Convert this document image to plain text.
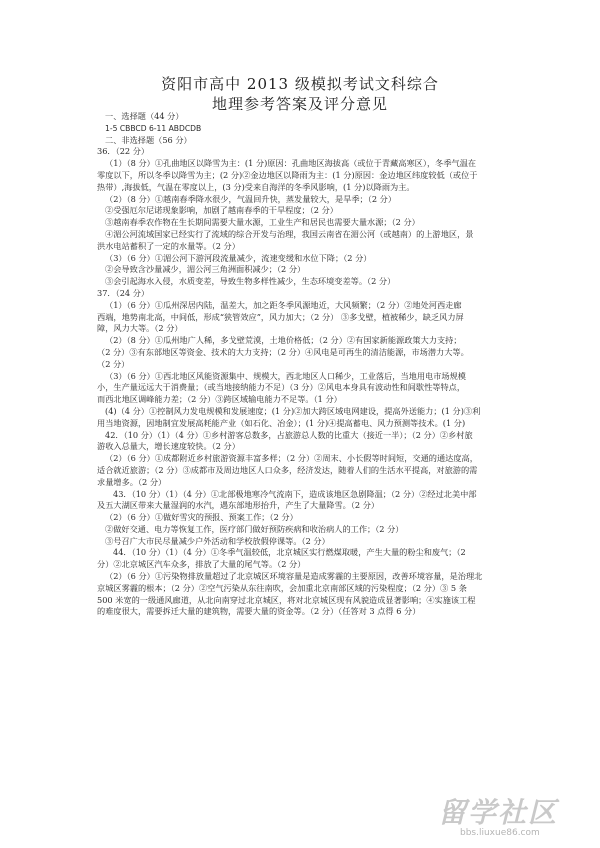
资阳市高中 2013 级模拟考试文科综合
地理参考答案及评分意见
一、选择题（44 分）
1-5 CBBCD 6-11 ABDCDB
二、非选择题（56 分）
36．（22 分）
（1）（8 分）①孔曲地区以降雪为主：(1 分)原因：孔曲地区海拔高（或位于青藏高寒区），冬季气温在
零度以下，所以冬季以降雪为主；(2 分)②金边地区以降雨为主：(1 分)原因：金边地区纬度较低（或位于
热带）,海拔低，气温在零度以上，(3 分)受来自海洋的冬季风影响，(1 分)以降雨为主。
（2）（8 分）①越南春季降水很少，气温回升快，蒸发量较大，是旱季；（2 分）
②受强厄尔尼诺现象影响，加剧了越南春季的干旱程度；（2 分）
③越南春季农作物在生长期间需要大量水源，工业生产和居民也需要大量水源；（2 分）
④湄公河流域国家已经实行了流域的综合开发与治理，我国云南省在湄公河（或越南）的上游地区，景
洪水电站蓄积了一定的水量等。（2 分）
（3）（6 分）①湄公河下游河段流量减少，流速变缓和水位下降；（2 分）
②会导致含沙量减少，湄公河三角洲面积减少；（2 分）
③会引起海水入侵，水质变差，导致生物多样性减少，生态环境变差等。（2 分）
37．（24 分）
（1）（6 分）①瓜州深居内陆，温差大，加之距冬季风源地近，大风频繁；（2 分）②地处河西走廊
西端，地势南北高，中间低，形成“狭管效应”，风力加大；（2 分） ③多戈壁，植被稀少，缺乏风力屏
障，风力大等。（2 分）
（2）（8 分）①瓜州地广人稀，多戈壁荒漠，土地价格低；（2 分）②有国家新能源政策大力支持；
（2 分）③有东部地区等资金、技术的大力支持；（2 分）④风电是可再生的清洁能源，市场潜力大等。
（2 分）
（3）（6 分）①西北地区风能资源集中、规模大，西北地区人口稀少，工业落后，当地用电市场规模
小，生产量远远大于消费量；（或当地接纳能力不足）（3 分）②风电本身具有波动性和间歇性等特点，
而西北地区调峰能力差；（2 分）③跨区域输电能力不足等。（1 分）
(4)（4 分）①控制风力发电规模和发展速度；(1 分)②加大跨区域电网建设，提高外送能力；(1 分)③利
用当地资源，因地制宜发展高耗能产业（如石化、冶金）；(1 分)④提高蓄电、风力预测等技术。(1 分)
42．（10 分）（1）（4 分）①乡村游客总数多，占旅游总人数的比重大（接近一半）；（2 分）②乡村旅
游收入总量大，增长速度较快。（2 分）
（2）（6 分）①成都附近乡村旅游资源丰富多样；（2 分）②周末、小长假等时间短，交通的通达度高，
适合就近旅游；（2 分）③成都市及周边地区人口众多，经济发达，随着人们的生活水平提高，对旅游的需
求量增多。（2 分）
43．（10 分）（1）（4 分）①北部极地寒冷气流南下，造成该地区急剧降温；（2 分）②经过北美中部
及五大湖区带来大量湿润的水汽，遇东部地形抬升，产生了大量降雪。（2 分）
（2）（6 分）①做好雪灾的预报、预案工作；（2 分）
②做好交通、电力等恢复工作，医疗部门做好预防疾病和收治病人的工作；（2 分）
③号召广大市民尽量减少户外活动和学校放假停课等。（2 分）
44．（10 分）（1）（4 分）①冬季气温较低，北京城区实行燃煤取暖，产生大量的粉尘和废气；（2
分）②北京城区汽车众多，排放了大量的尾气等。（2 分）
（2）（6 分）①污染物排放量超过了北京城区环境容量是造成雾霾的主要原因，改善环境容量，是治理北
京城区雾霾的根本；（2 分）②空气污染从东往南吹，会加重北京南部区域的污染程度；（2 分）③ 5 条
500 米宽的一级通风廊道，从北向南穿过北京城区，将对北京城区现有风貌造成显著影响；④实施该工程
的难度很大，需要拆迁大量的建筑物，需要大量的资金等。（2 分）（任答对 3 点得 6 分）
留学社区
bbs.liuxue86.com
